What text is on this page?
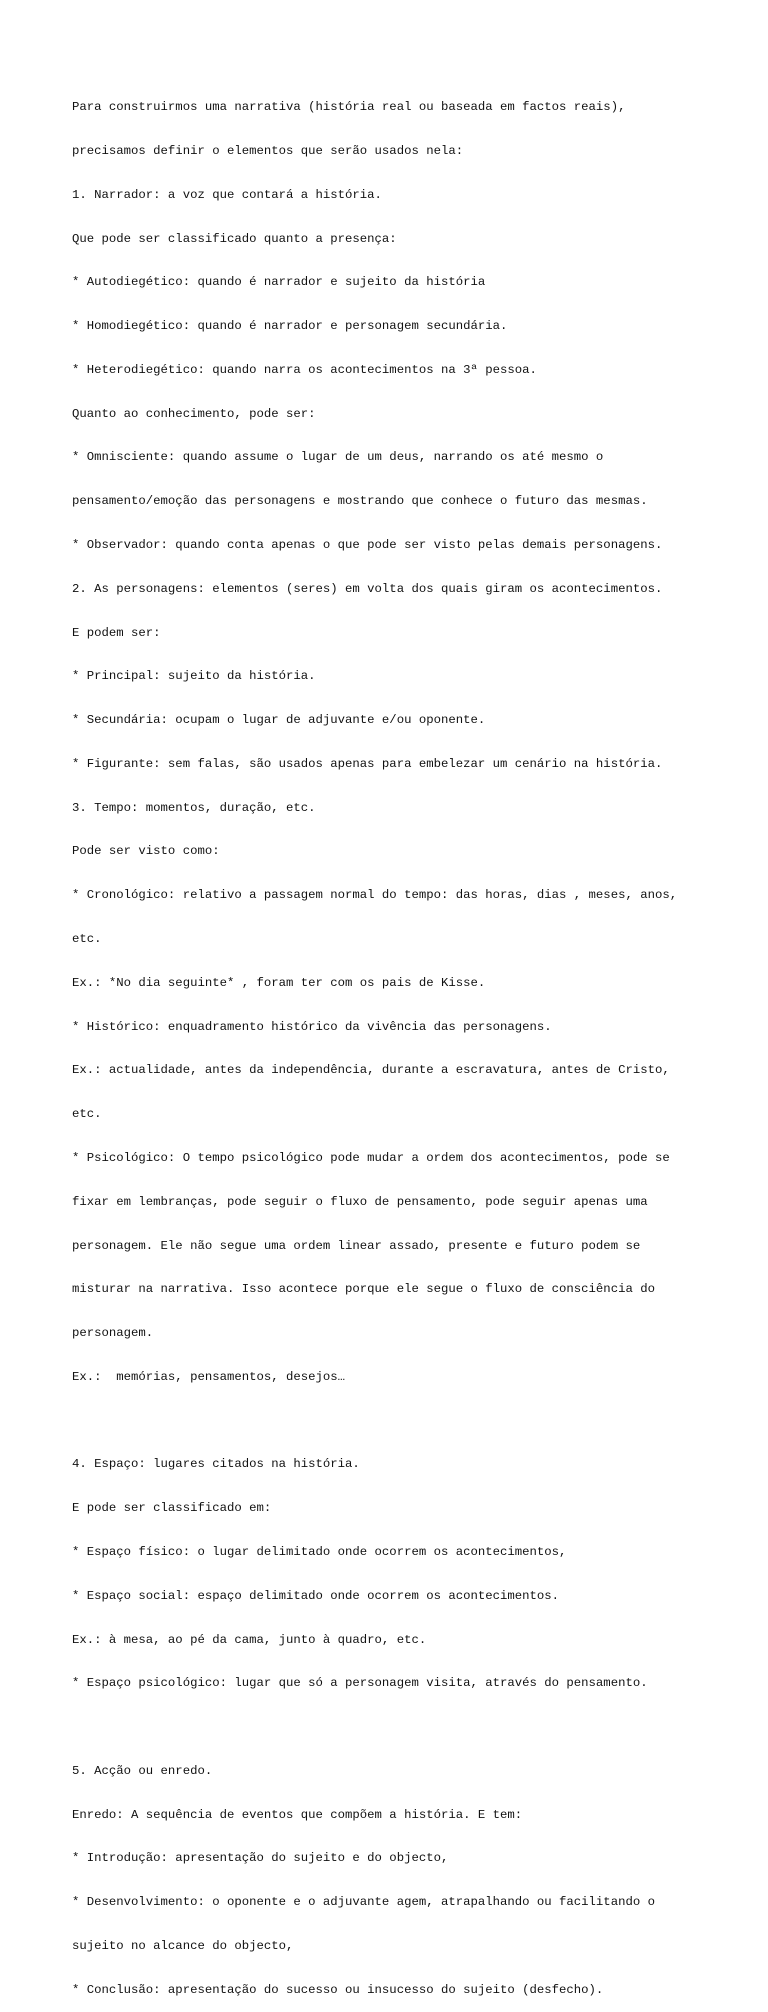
Para construirmos uma narrativa (história real ou baseada em factos reais),

precisamos definir o elementos que serão usados nela:

1. Narrador: a voz que contará a história.

Que pode ser classificado quanto a presença:

* Autodiegético: quando é narrador e sujeito da história

* Homodiegético: quando é narrador e personagem secundária.

* Heterodiegético: quando narra os acontecimentos na 3ª pessoa.

Quanto ao conhecimento, pode ser:

* Omnisciente: quando assume o lugar de um deus, narrando os até mesmo o

pensamento/emoção das personagens e mostrando que conhece o futuro das mesmas.

* Observador: quando conta apenas o que pode ser visto pelas demais personagens.

2. As personagens: elementos (seres) em volta dos quais giram os acontecimentos.

E podem ser:

* Principal: sujeito da história.

* Secundária: ocupam o lugar de adjuvante e/ou oponente.

* Figurante: sem falas, são usados apenas para embelezar um cenário na história.

3. Tempo: momentos, duração, etc.

Pode ser visto como:

* Cronológico: relativo a passagem normal do tempo: das horas, dias , meses, anos,

etc.

Ex.: *No dia seguinte* , foram ter com os pais de Kisse.

* Histórico: enquadramento histórico da vivência das personagens.

Ex.: actualidade, antes da independência, durante a escravatura, antes de Cristo,

etc.

* Psicológico: O tempo psicológico pode mudar a ordem dos acontecimentos, pode se

fixar em lembranças, pode seguir o fluxo de pensamento, pode seguir apenas uma

personagem. Ele não segue uma ordem linear assado, presente e futuro podem se

misturar na narrativa. Isso acontece porque ele segue o fluxo de consciência do

personagem.

Ex.:  memórias, pensamentos, desejos…

4. Espaço: lugares citados na história.

E pode ser classificado em:

* Espaço físico: o lugar delimitado onde ocorrem os acontecimentos,

* Espaço social: espaço delimitado onde ocorrem os acontecimentos.

Ex.: à mesa, ao pé da cama, junto à quadro, etc.

* Espaço psicológico: lugar que só a personagem visita, através do pensamento.

5. Acção ou enredo.

Enredo: A sequência de eventos que compõem a história. E tem:

* Introdução: apresentação do sujeito e do objecto,

* Desenvolvimento: o oponente e o adjuvante agem, atrapalhando ou facilitando o

sujeito no alcance do objecto,

* Conclusão: apresentação do sucesso ou insucesso do sujeito (desfecho).
